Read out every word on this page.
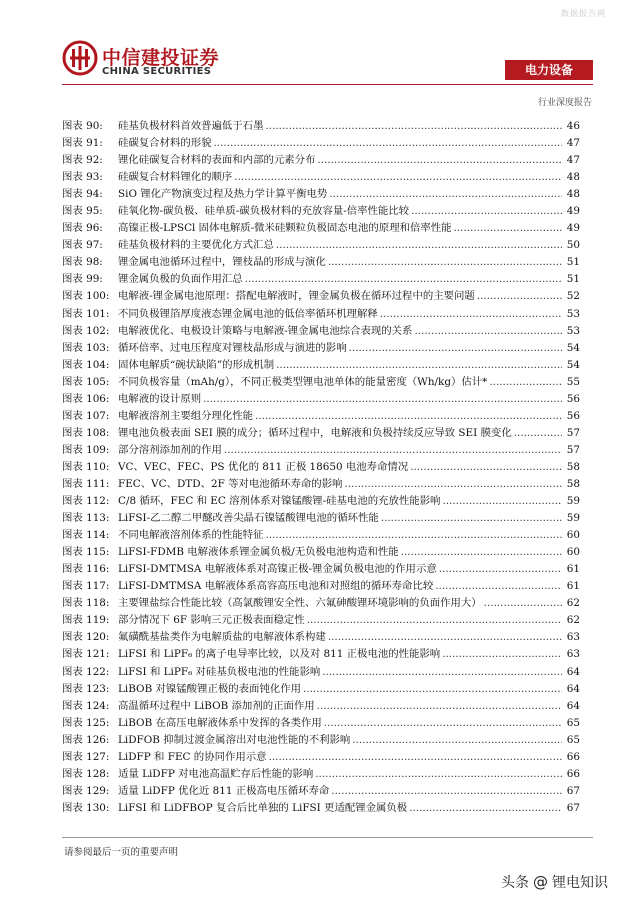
数据报告网
中信建投证券
CHINA SECURITIES	电力设备
行业深度报告
图表 90: 硅基负极材料首效普遍低于石墨 .....	46
图表 91: 硅碳复合材料的形貌 .....	47
图表 92: 锂化硅碳复合材料的表面和内部的元素分布 .....	47
图表 93: 硅碳复合材料锂化的顺序 .....	48
图表 94: SiO 锂化产物演变过程及热力学计算平衡电势 .....	48
图表 95: 硅氧化物-碳负极、硅单质-碳负极材料的充放容量-倍率性能比较 .....	49
图表 96: 高镍正极-LPSCl 固体电解质-微米硅颗粒负极固态电池的原理和倍率性能 .....	49
图表 97: 硅基负极材料的主要优化方式汇总 .....	50
图表 98: 锂金属电池循环过程中，锂枝晶的形成与演化 .....	51
图表 99: 锂金属负极的负面作用汇总 .....	51
图表 100: 电解液-锂金属电池原理：搭配电解液时，锂金属负极在循环过程中的主要问题 .....	52
图表 101: 不同负极锂箔厚度液态锂金属电池的低倍率循环机理解释 .....	53
图表 102: 电解液优化、电极设计策略与电解液-锂金属电池综合表现的关系 .....	53
图表 103: 循环倍率、过电压程度对锂枝晶形成与演进的影响 .....	54
图表 104: 固体电解质“碗状缺陷”的形成机制 .....	54
图表 105: 不同负极容量（mAh/g），不同正极类型锂电池单体的能量密度（Wh/kg）估计* .....	55
图表 106: 电解液的设计原则 .....	56
图表 107: 电解液溶剂主要组分理化性能 .....	56
图表 108: 锂电池负极表面 SEI 膜的成分；循环过程中，电解液和负极持续反应导致 SEI 膜变化 .....	57
图表 109: 部分溶剂添加剂的作用 .....	57
图表 110: VC、VEC、FEC、PS 优化的 811 正极 18650 电池寿命情况 .....	58
图表 111: FEC、VC、DTD、2F 等对电池循环寿命的影响 .....	58
图表 112: C/8 循环，FEC 和 EC 溶剂体系对镍锰酸锂-硅基电池的充放性能影响 .....	59
图表 113: LiFSI-乙二醇二甲醚改善尖晶石镍锰酸锂电池的循环性能 .....	59
图表 114: 不同电解液溶剂体系的性能特征 .....	60
图表 115: LiFSI-FDMB 电解液体系锂金属负极/无负极电池构造和性能 .....	60
图表 116: LiFSI-DMTMSA 电解液体系对高镍正极-锂金属负极电池的作用示意 .....	61
图表 117: LiFSI-DMTMSA 电解液体系高容高压电池和对照组的循环寿命比较 .....	61
图表 118: 主要锂盐综合性能比较（高氯酸锂安全性、六氟砷酸锂环境影响的负面作用大） .....	62
图表 119: 部分情况下 6F 影响三元正极表面稳定性 .....	62
图表 120: 氟磺酰基盐类作为电解质盐的电解液体系构建 .....	63
图表 121: LiFSI 和 LiPF₆ 的离子电导率比较，以及对 811 正极电池的性能影响 .....	63
图表 122: LiFSI 和 LiPF₆ 对硅基负极电池的性能影响 .....	64
图表 123: LiBOB 对镍锰酸锂正极的表面钝化作用 .....	64
图表 124: 高温循环过程中 LiBOB 添加剂的正面作用 .....	64
图表 125: LiBOB 在高压电解液体系中发挥的各类作用 .....	65
图表 126: LiDFOB 抑制过渡金属溶出对电池性能的不利影响 .....	65
图表 127: LiDFP 和 FEC 的协同作用示意 .....	66
图表 128: 适量 LiDFP 对电池高温贮存后性能的影响 .....	66
图表 129: 适量 LiDFP 优化近 811 正极高电压循环寿命 .....	67
图表 130: LiFSI 和 LiDFBOP 复合后比单独的 LiFSI 更适配锂金属负极 .....	67
请参阅最后一页的重要声明
头条 @ 锂电知识
